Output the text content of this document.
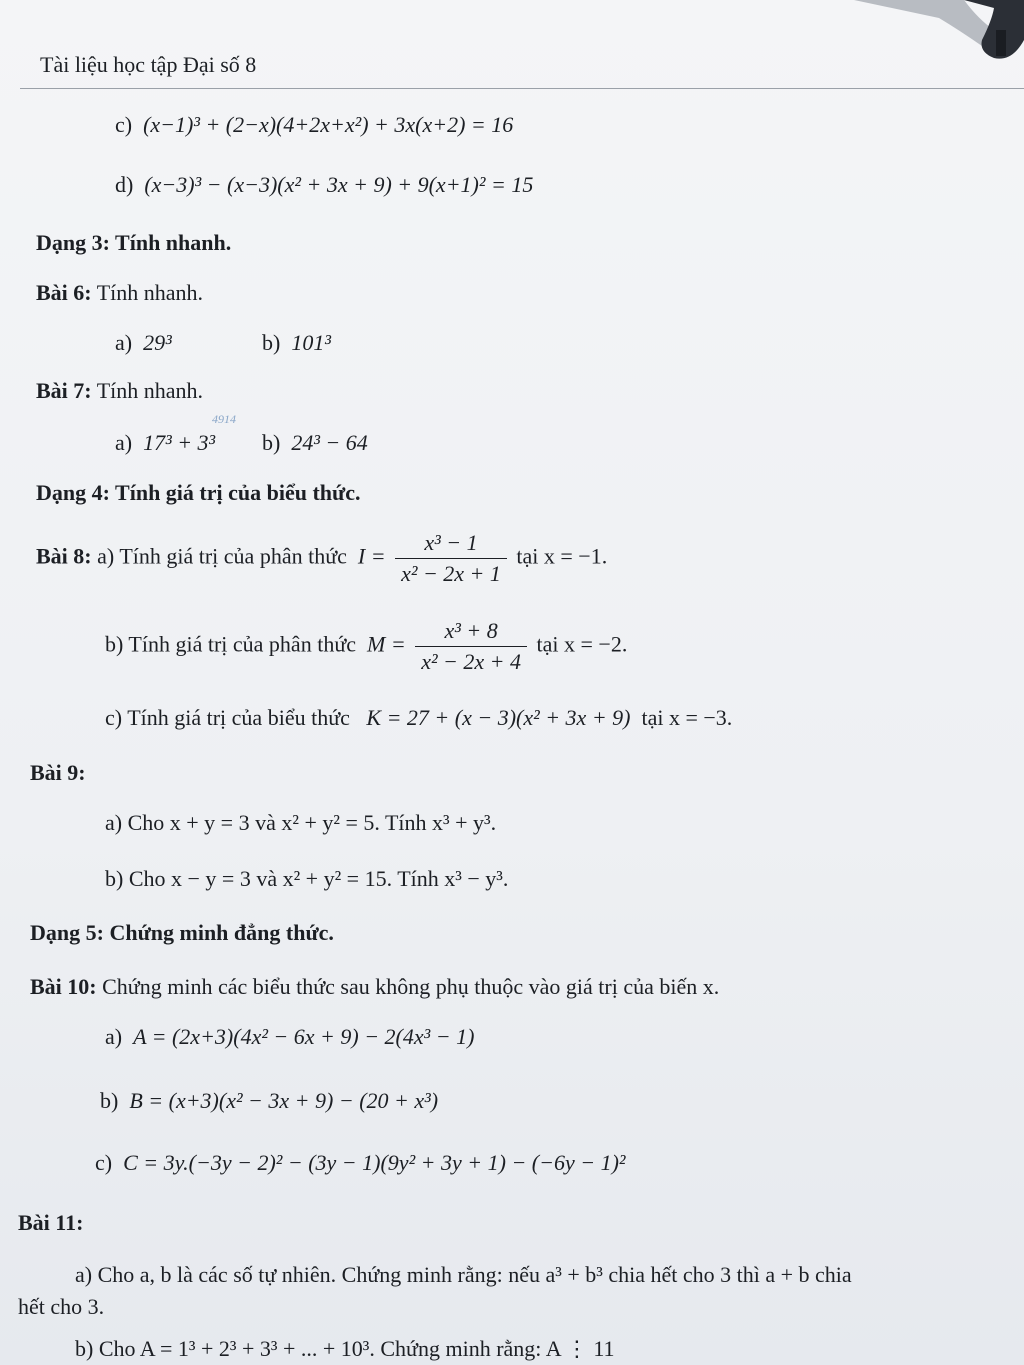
Tài liệu học tập Đại số 8
c) (x−1)³ + (2−x)(4+2x+x²) + 3x(x+2) = 16
d) (x−3)³ − (x−3)(x² + 3x + 9) + 9(x+1)² = 15
Dạng 3: Tính nhanh.
Bài 6: Tính nhanh.
a) 29³	b) 101³
Bài 7: Tính nhanh.
a) 17³ + 3³
4914
b) 24³ − 64
Dạng 4: Tính giá trị của biểu thức.
Bài 8: a) Tính giá trị của phân thức $I = \frac{\text{x³ − 1}}{\text{x² − 2x + 1}}$ tại x = −1.
b) Tính giá trị của phân thức $M = \frac{\text{x³ + 8}}{\text{x² − 2x + 4}}$ tại x = −2.
c) Tính giá trị của biểu thức K = 27 + (x − 3)(x² + 3x + 9) tại x = −3.
Bài 9:
a) Cho x + y = 3 và x² + y² = 5. Tính x³ + y³.
b) Cho x − y = 3 và x² + y² = 15. Tính x³ − y³.
Dạng 5: Chứng minh đẳng thức.
Bài 10: Chứng minh các biểu thức sau không phụ thuộc vào giá trị của biến x.
a) A = (2x+3)(4x² − 6x + 9) − 2(4x³ − 1)
b) B = (x+3)(x² − 3x + 9) − (20 + x³)
c) C = 3y.(−3y − 2)² − (3y − 1)(9y² + 3y + 1) − (−6y − 1)²
Bài 11:
a) Cho a, b là các số tự nhiên. Chứng minh rằng: nếu a³ + b³ chia hết cho 3 thì a + b chia
hết cho 3.
b) Cho A = 1³ + 2³ + 3³ + ... + 10³. Chứng minh rằng: A ⋮ 11
